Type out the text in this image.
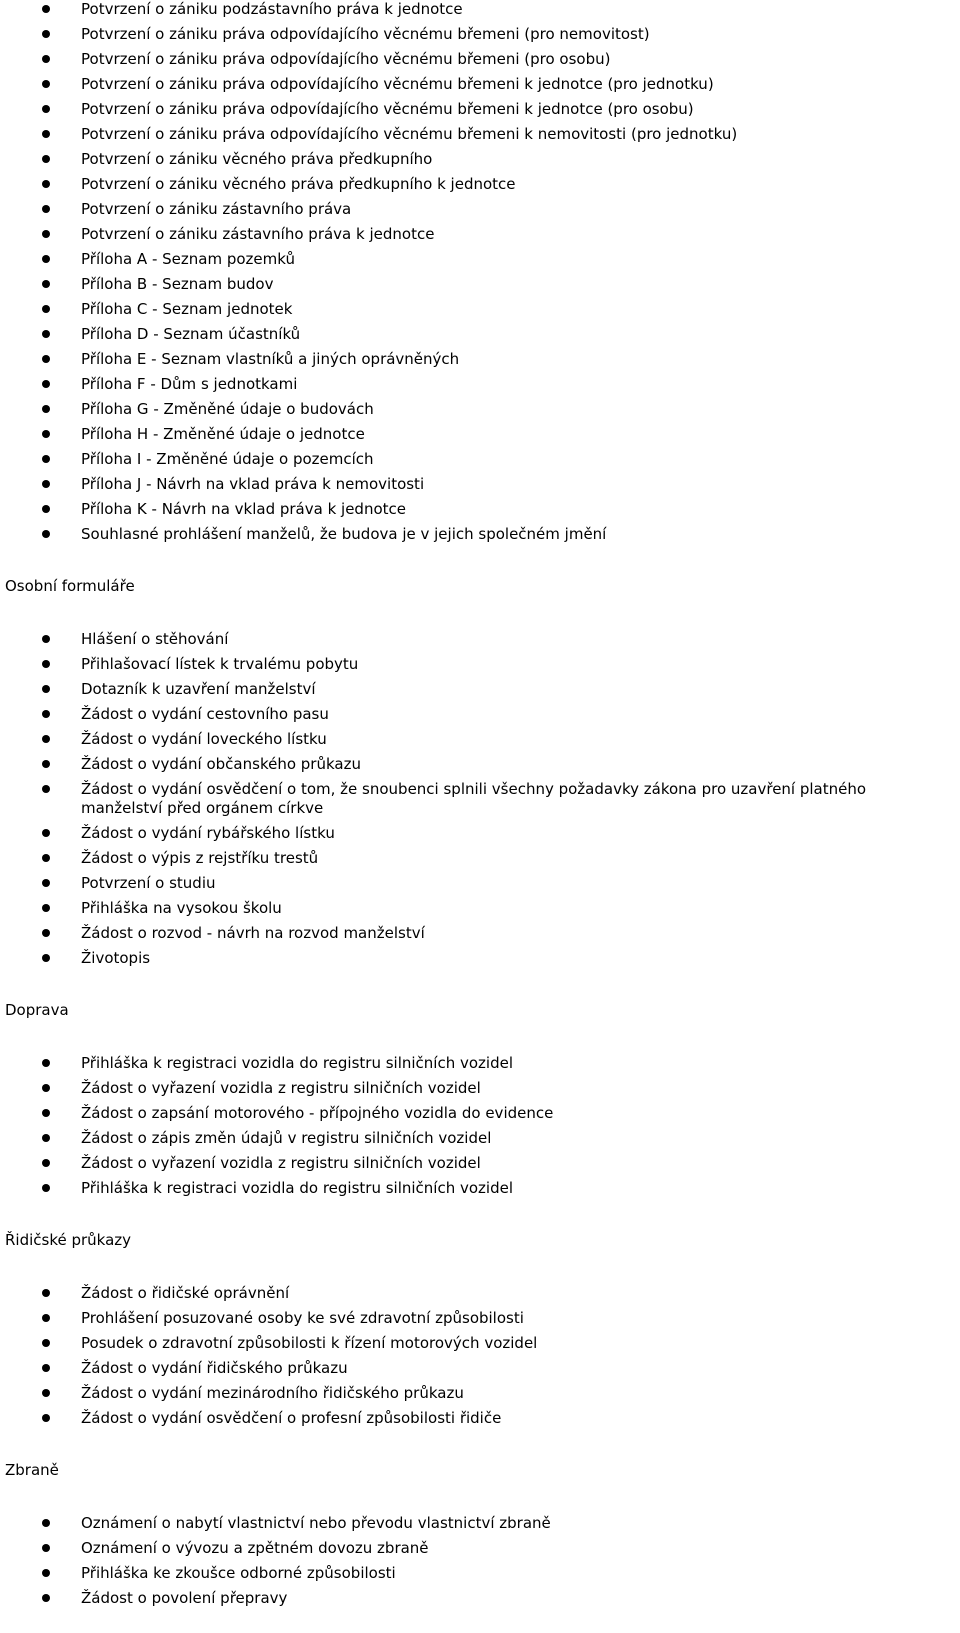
Potvrzení o zániku podzástavního práva k jednotce
Potvrzení o zániku práva odpovídajícího věcnému břemeni (pro nemovitost)
Potvrzení o zániku práva odpovídajícího věcnému břemeni (pro osobu)
Potvrzení o zániku práva odpovídajícího věcnému břemeni k jednotce (pro jednotku)
Potvrzení o zániku práva odpovídajícího věcnému břemeni k jednotce (pro osobu)
Potvrzení o zániku práva odpovídajícího věcnému břemeni k nemovitosti (pro jednotku)
Potvrzení o zániku věcného práva předkupního
Potvrzení o zániku věcného práva předkupního k jednotce
Potvrzení o zániku zástavního práva
Potvrzení o zániku zástavního práva k jednotce
Příloha A - Seznam pozemků
Příloha B - Seznam budov
Příloha C - Seznam jednotek
Příloha D - Seznam účastníků
Příloha E - Seznam vlastníků a jiných oprávněných
Příloha F - Dům s jednotkami
Příloha G - Změněné údaje o budovách
Příloha H - Změněné údaje o jednotce
Příloha I - Změněné údaje o pozemcích
Příloha J - Návrh na vklad práva k nemovitosti
Příloha K - Návrh na vklad práva k jednotce
Souhlasné prohlášení manželů, že budova je v jejich společném jmění
Osobní formuláře
Hlášení o stěhování
Přihlašovací lístek k trvalému pobytu
Dotazník k uzavření manželství
Žádost o vydání cestovního pasu
Žádost o vydání loveckého lístku
Žádost o vydání občanského průkazu
Žádost o vydání osvědčení o tom, že snoubenci splnili všechny požadavky zákona pro uzavření platného manželství před orgánem církve
Žádost o vydání rybářského lístku
Žádost o výpis z rejstříku trestů
Potvrzení o studiu
Přihláška na vysokou školu
Žádost o rozvod - návrh na rozvod manželství
Životopis
Doprava
Přihláška k registraci vozidla do registru silničních vozidel
Žádost o vyřazení vozidla z registru silničních vozidel
Žádost o zapsání motorového - přípojného vozidla do evidence
Žádost o zápis změn údajů v registru silničních vozidel
Žádost o vyřazení vozidla z registru silničních vozidel
Přihláška k registraci vozidla do registru silničních vozidel
Řidičské průkazy
Žádost o řidičské oprávnění
Prohlášení posuzované osoby ke své zdravotní způsobilosti
Posudek o zdravotní způsobilosti k řízení motorových vozidel
Žádost o vydání řidičského průkazu
Žádost o vydání mezinárodního řidičského průkazu
Žádost o vydání osvědčení o profesní způsobilosti řidiče
Zbraně
Oznámení o nabytí vlastnictví nebo převodu vlastnictví zbraně
Oznámení o vývozu a zpětném dovozu zbraně
Přihláška ke zkoušce odborné způsobilosti
Žádost o povolení přepravy
